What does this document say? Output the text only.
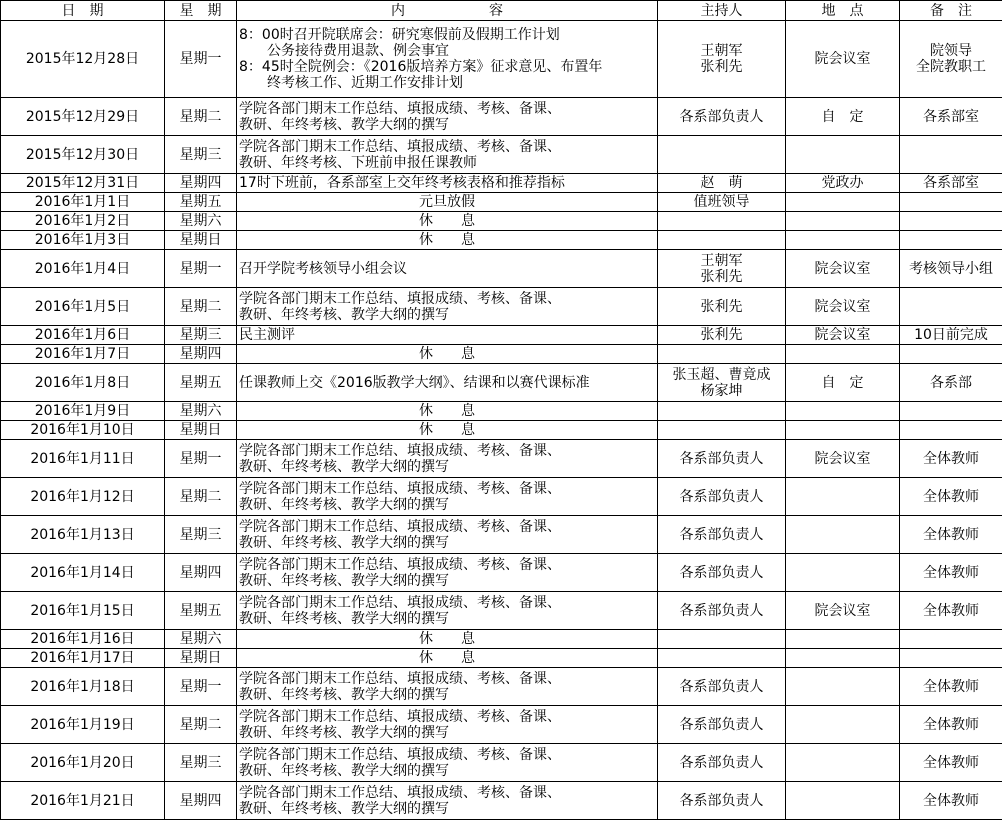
日　期	星　期	内　　　　　　容	主持人	地　点	备　注
2015年12月28日	星期一	8：00时召开院联席会：研究寒假前及假期工作计划
　　公务接待费用退款、例会事宜
8：45时全院例会：《2016版培养方案》征求意见、布置年
　　终考核工作、近期工作安排计划	王朝军
张利先	院会议室	院领导
全院教职工

2015年12月29日	星期二	学院各部门期末工作总结、填报成绩、考核、备课、
教研、年终考核、教学大纲的撰写	各系部负责人	自　定	各系部室

2015年12月30日	星期三	学院各部门期末工作总结、填报成绩、考核、备课、
教研、年终考核、下班前申报任课教师			

2015年12月31日	星期四	17时下班前，各系部室上交年终考核表格和推荐指标	赵　萌	党政办	各系部室

2016年1月1日	星期五	元旦放假	值班领导		

2016年1月2日	星期六	休　　息			

2016年1月3日	星期日	休　　息			

2016年1月4日	星期一	召开学院考核领导小组会议	王朝军
张利先	院会议室	考核领导小组

2016年1月5日	星期二	学院各部门期末工作总结、填报成绩、考核、备课、
教研、年终考核、教学大纲的撰写	张利先	院会议室	

2016年1月6日	星期三	民主测评	张利先	院会议室	10日前完成

2016年1月7日	星期四	休　　息			

2016年1月8日	星期五	任课教师上交《2016版教学大纲》、结课和以赛代课标准	张玉超、曹竟成
杨家坤	自　定	各系部

2016年1月9日	星期六	休　　息			

2016年1月10日	星期日	休　　息			

2016年1月11日	星期一	学院各部门期末工作总结、填报成绩、考核、备课、
教研、年终考核、教学大纲的撰写	各系部负责人	院会议室	全体教师

2016年1月12日	星期二	学院各部门期末工作总结、填报成绩、考核、备课、
教研、年终考核、教学大纲的撰写	各系部负责人		全体教师

2016年1月13日	星期三	学院各部门期末工作总结、填报成绩、考核、备课、
教研、年终考核、教学大纲的撰写	各系部负责人		全体教师

2016年1月14日	星期四	学院各部门期末工作总结、填报成绩、考核、备课、
教研、年终考核、教学大纲的撰写	各系部负责人		全体教师

2016年1月15日	星期五	学院各部门期末工作总结、填报成绩、考核、备课、
教研、年终考核、教学大纲的撰写	各系部负责人	院会议室	全体教师

2016年1月16日	星期六	休　　息			

2016年1月17日	星期日	休　　息			

2016年1月18日	星期一	学院各部门期末工作总结、填报成绩、考核、备课、
教研、年终考核、教学大纲的撰写	各系部负责人		全体教师

2016年1月19日	星期二	学院各部门期末工作总结、填报成绩、考核、备课、
教研、年终考核、教学大纲的撰写	各系部负责人		全体教师

2016年1月20日	星期三	学院各部门期末工作总结、填报成绩、考核、备课、
教研、年终考核、教学大纲的撰写	各系部负责人		全体教师

2016年1月21日	星期四	学院各部门期末工作总结、填报成绩、考核、备课、
教研、年终考核、教学大纲的撰写	各系部负责人		全体教师
